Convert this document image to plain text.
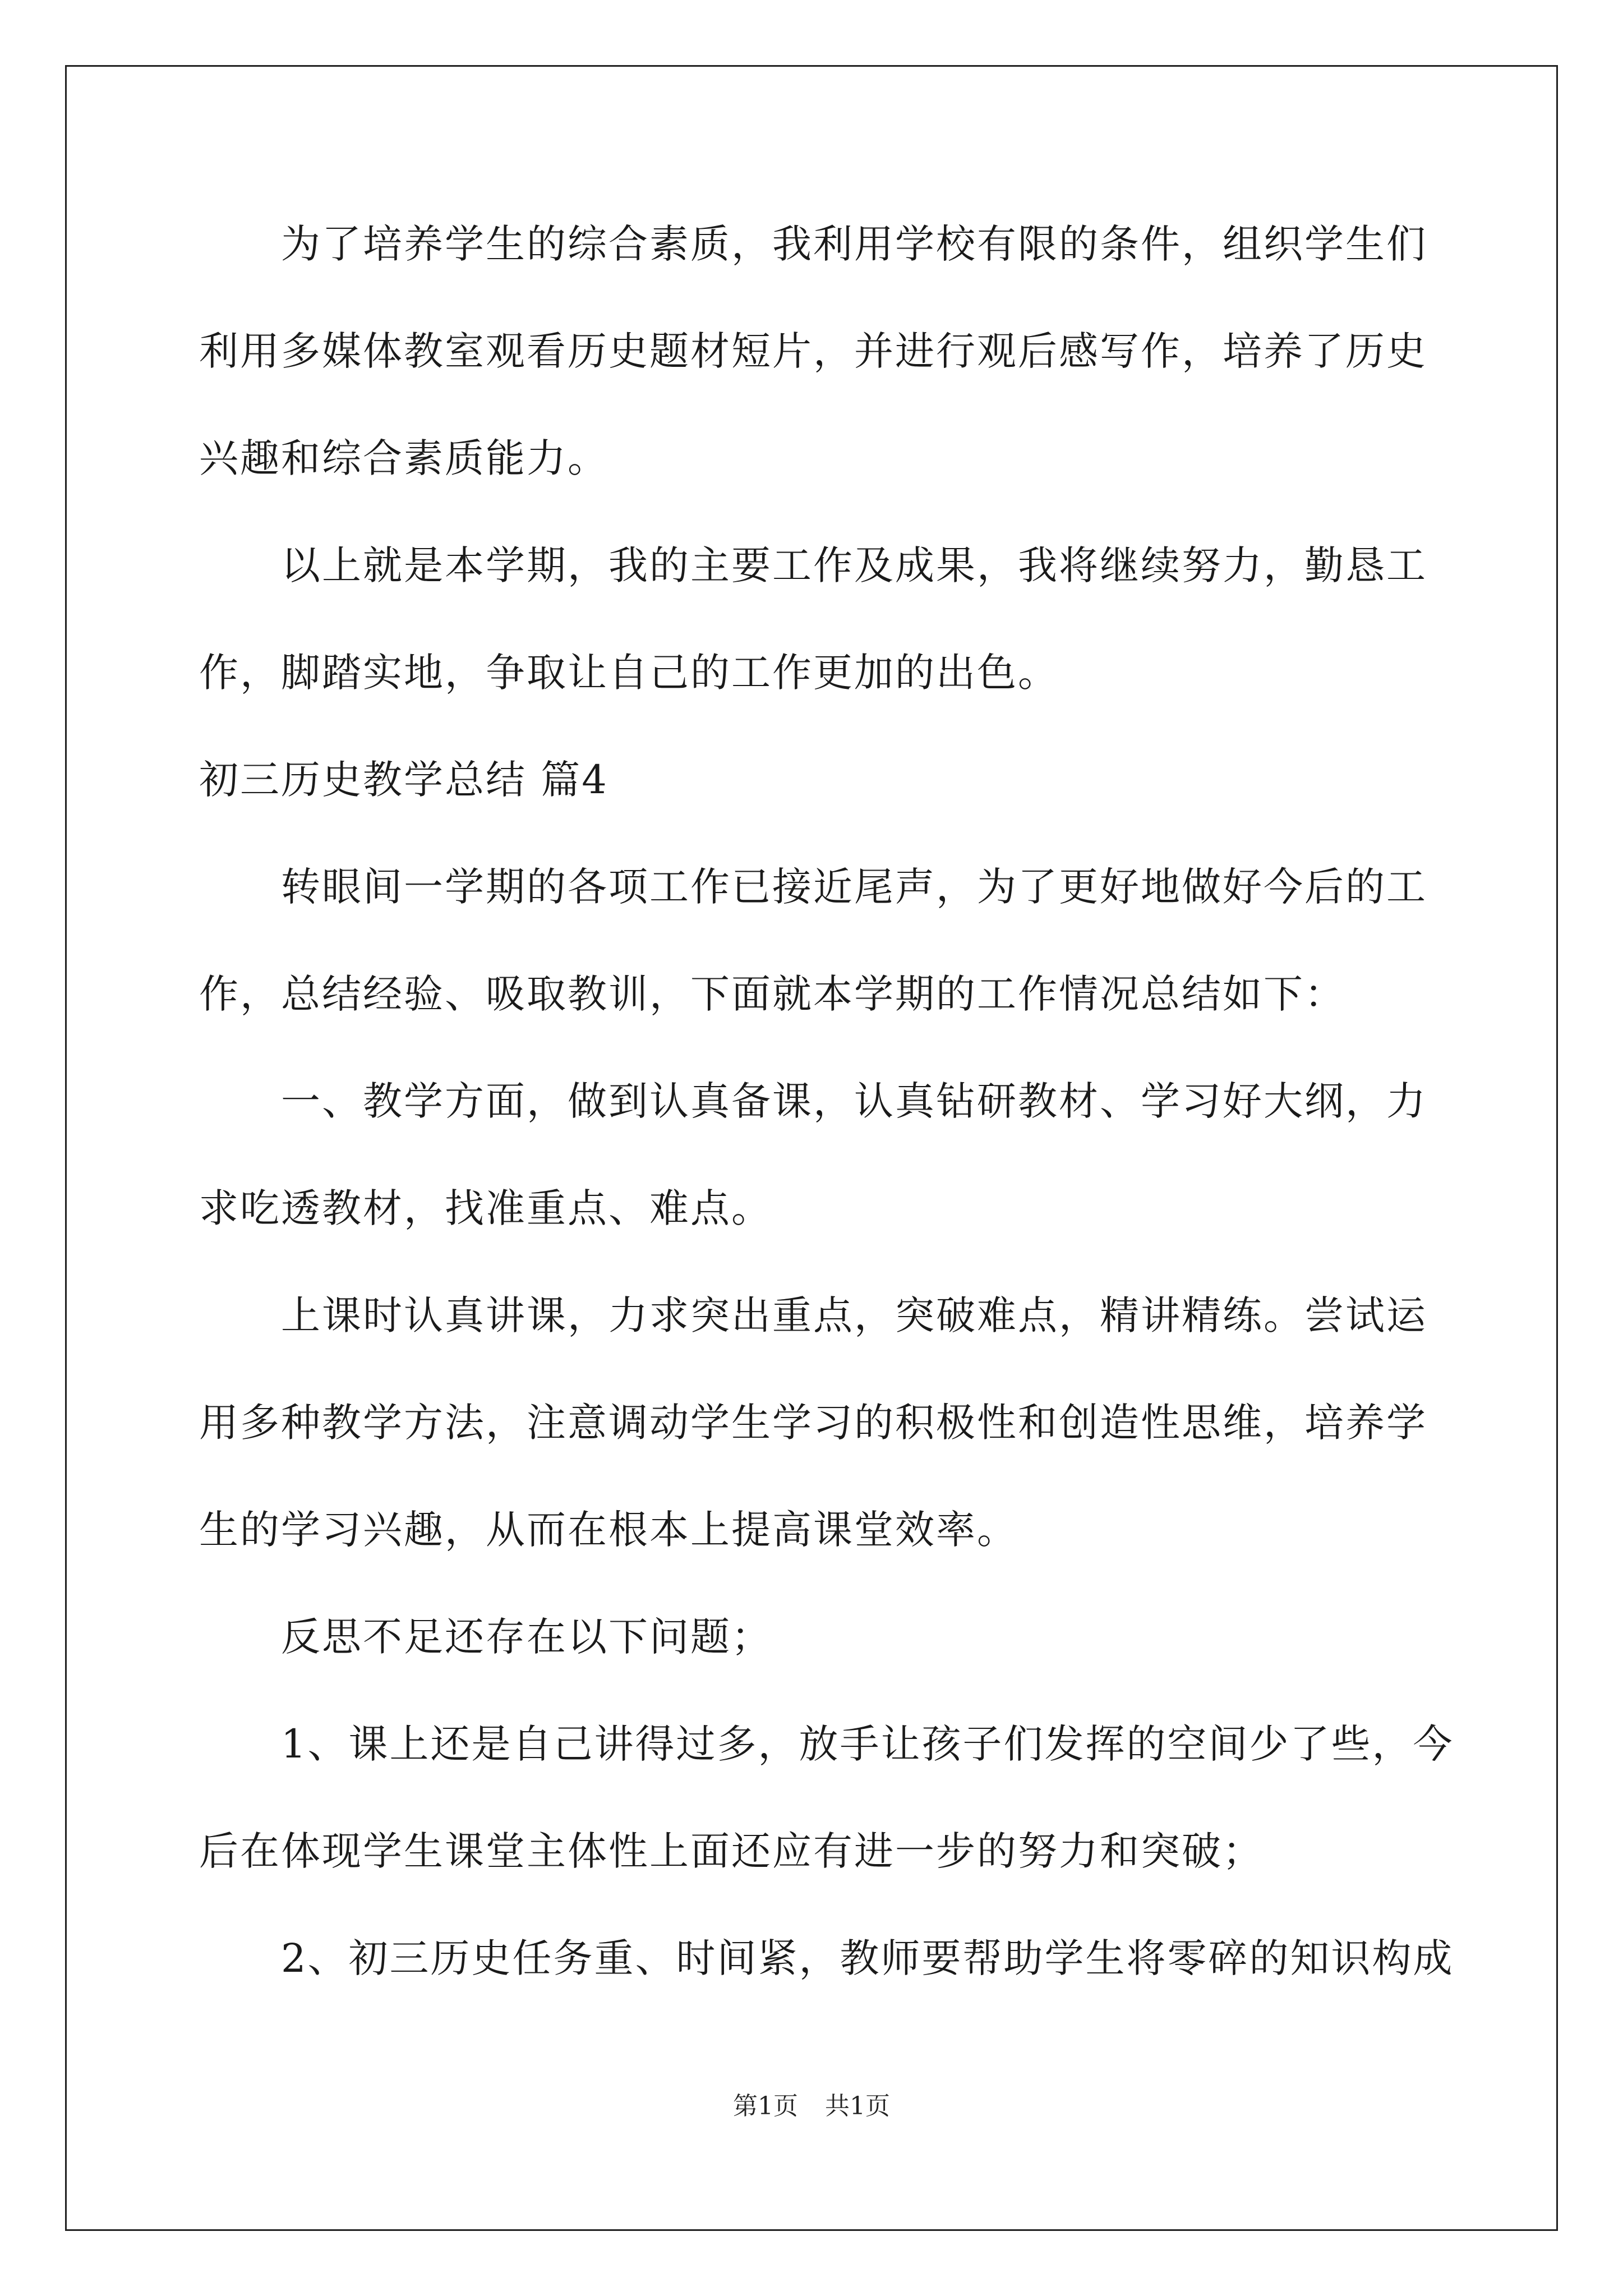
为了培养学生的综合素质，我利用学校有限的条件，组织学生们
利用多媒体教室观看历史题材短片，并进行观后感写作，培养了历史
兴趣和综合素质能力。
以上就是本学期，我的主要工作及成果，我将继续努力，勤恳工
作，脚踏实地，争取让自己的工作更加的出色。
初三历史教学总结 篇4
转眼间一学期的各项工作已接近尾声，为了更好地做好今后的工
作，总结经验、吸取教训，下面就本学期的工作情况总结如下：
一、教学方面，做到认真备课，认真钻研教材、学习好大纲，力
求吃透教材，找准重点、难点。
上课时认真讲课，力求突出重点，突破难点，精讲精练。尝试运
用多种教学方法，注意调动学生学习的积极性和创造性思维，培养学
生的学习兴趣，从而在根本上提高课堂效率。
反思不足还存在以下问题；
1、课上还是自己讲得过多，放手让孩子们发挥的空间少了些，今
后在体现学生课堂主体性上面还应有进一步的努力和突破；
2、初三历史任务重、时间紧，教师要帮助学生将零碎的知识构成
第1页 共1页
